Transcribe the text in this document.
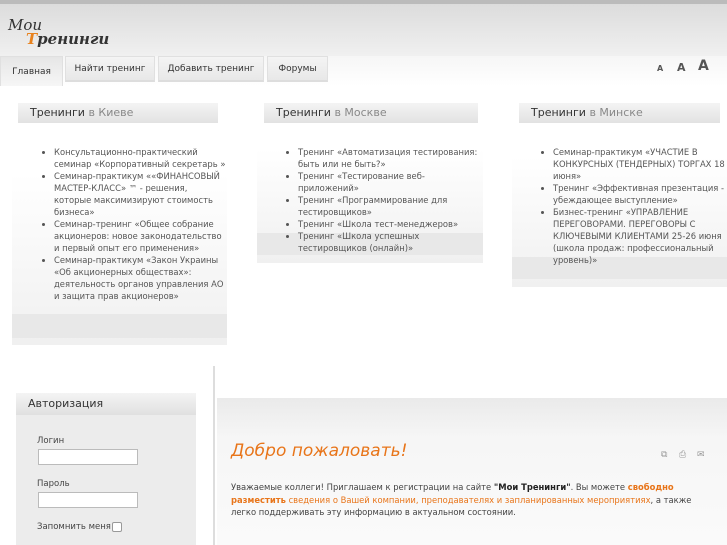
Мои
Тренинги
Главная	Найти тренинг	Добавить тренинг	Форумы	A A A
Тренинги в Киеве
• Консультационно-практический семинар «Корпоративный секретарь »
• Семинар-практикум ««ФИНАНСОВЫЙ МАСТЕР-КЛАСС» ™ - решения, которые максимизируют стоимость бизнеса»
• Семинар-тренинг «Общее собрание акционеров: новое законодательство и первый опыт его применения»
• Семинар-практикум «Закон Украины «Об акционерных обществах»: деятельность органов управления АО и защита прав акционеров»
Тренинги в Москве
• Тренинг «Автоматизация тестирования: быть или не быть?»
• Тренинг «Тестирование веб-приложений»
• Тренинг «Программирование для тестировщиков»
• Тренинг «Школа тест-менеджеров»
• Тренинг «Школа успешных тестировщиков (онлайн)»
Тренинги в Минске
• Семинар-практикум «УЧАСТИЕ В КОНКУРСНЫХ (ТЕНДЕРНЫХ) ТОРГАХ 18 июня»
• Тренинг «Эффективная презентация - убеждающее выступление»
• Бизнес-тренинг «УПРАВЛЕНИЕ ПЕРЕГОВОРАМИ. ПЕРЕГОВОРЫ С КЛЮЧЕВЫМИ КЛИЕНТАМИ 25-26 июня (школа продаж: профессиональный уровень)»
Авторизация
Логин
Пароль
Запомнить меня
Добро пожаловать!	⧉ ⎙ ✉
Уважаемые коллеги! Приглашаем к регистрации на сайте "Мои Тренинги". Вы можете свободно разместить сведения о Вашей компании, преподавателях и запланированных мероприятиях, а также легко поддерживать эту информацию в актуальном состоянии.
